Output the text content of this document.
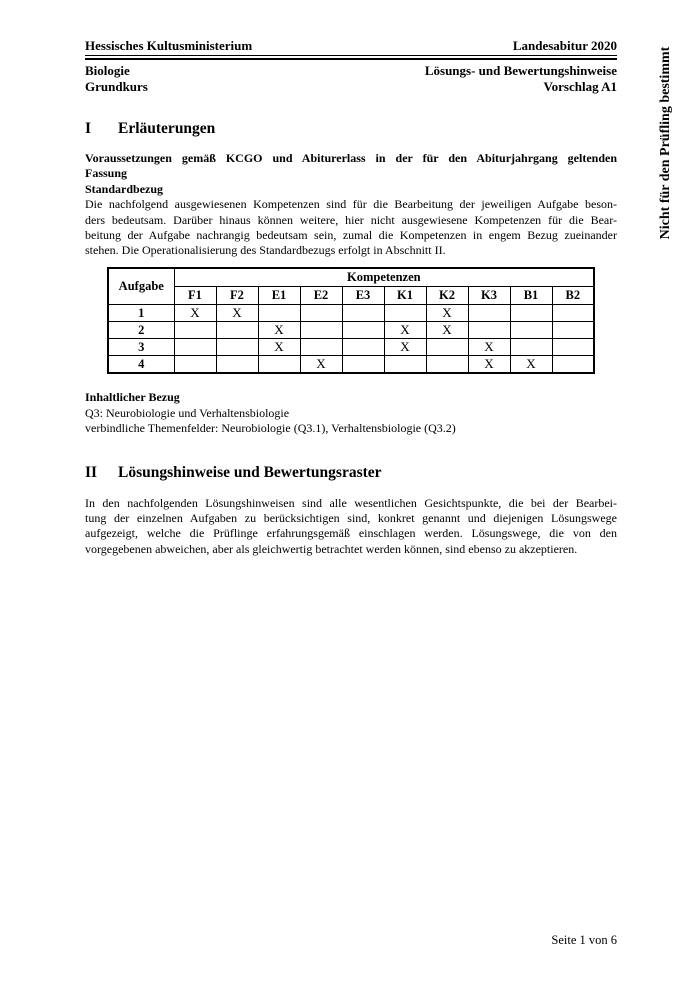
Nicht für den Prüfling bestimmt
Hessisches Kultusministerium	Landesabitur 2020
Biologie
Grundkurs
Lösungs- und Bewertungshinweise
Vorschlag A1
I	Erläuterungen
Voraussetzungen gemäß KCGO und Abiturerlass in der für den Abiturjahrgang geltenden
Fassung
Standardbezug
Die nachfolgend ausgewiesenen Kompetenzen sind für die Bearbeitung der jeweiligen Aufgabe beson-
ders bedeutsam. Darüber hinaus können weitere, hier nicht ausgewiesene Kompetenzen für die Bear-
beitung der Aufgabe nachrangig bedeutsam sein, zumal die Kompetenzen in engem Bezug zueinander
stehen. Die Operationalisierung des Standardbezugs erfolgt in Abschnitt II.
Aufgabe	Kompetenzen									
	F1	F2	E1	E2	E3	K1	K2	K3	B1	B2
1	X	X					X			
2			X			X	X			
3			X			X		X		
4				X				X	X	
Inhaltlicher Bezug
Q3: Neurobiologie und Verhaltensbiologie
verbindliche Themenfelder: Neurobiologie (Q3.1), Verhaltensbiologie (Q3.2)
II	Lösungshinweise und Bewertungsraster
In den nachfolgenden Lösungshinweisen sind alle wesentlichen Gesichtspunkte, die bei der Bearbei-
tung der einzelnen Aufgaben zu berücksichtigen sind, konkret genannt und diejenigen Lösungswege
aufgezeigt, welche die Prüflinge erfahrungsgemäß einschlagen werden. Lösungswege, die von den
vorgegebenen abweichen, aber als gleichwertig betrachtet werden können, sind ebenso zu akzeptieren.
Seite 1 von 6
